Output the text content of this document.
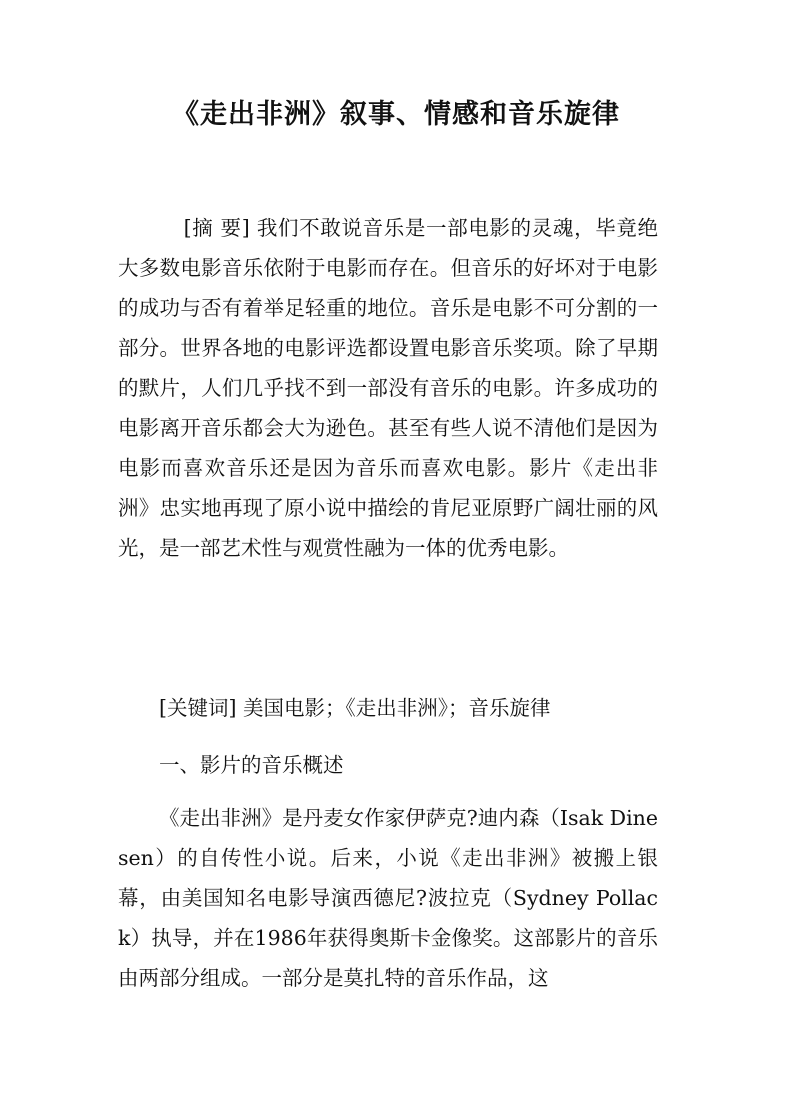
《走出非洲》叙事、情感和音乐旋律

[摘 要] 我们不敢说音乐是一部电影的灵魂，毕竟绝大多数电影音乐依附于电影而存在。但音乐的好坏对于电影的成功与否有着举足轻重的地位。音乐是电影不可分割的一部分。世界各地的电影评选都设置电影音乐奖项。除了早期的默片，人们几乎找不到一部没有音乐的电影。许多成功的电影离开音乐都会大为逊色。甚至有些人说不清他们是因为电影而喜欢音乐还是因为音乐而喜欢电影。影片《走出非洲》忠实地再现了原小说中描绘的肯尼亚原野广阔壮丽的风光，是一部艺术性与观赏性融为一体的优秀电影。

[关键词] 美国电影；《走出非洲》；音乐旋律

一、影片的音乐概述

《走出非洲》是丹麦女作家伊萨克?迪内森（Isak Dinesen）的自传性小说。后来，小说《走出非洲》被搬上银幕，由美国知名电影导演西德尼?波拉克（Sydney Pollack）执导，并在1986年获得奥斯卡金像奖。这部影片的音乐由两部分组成。一部分是莫扎特的音乐作品，这
